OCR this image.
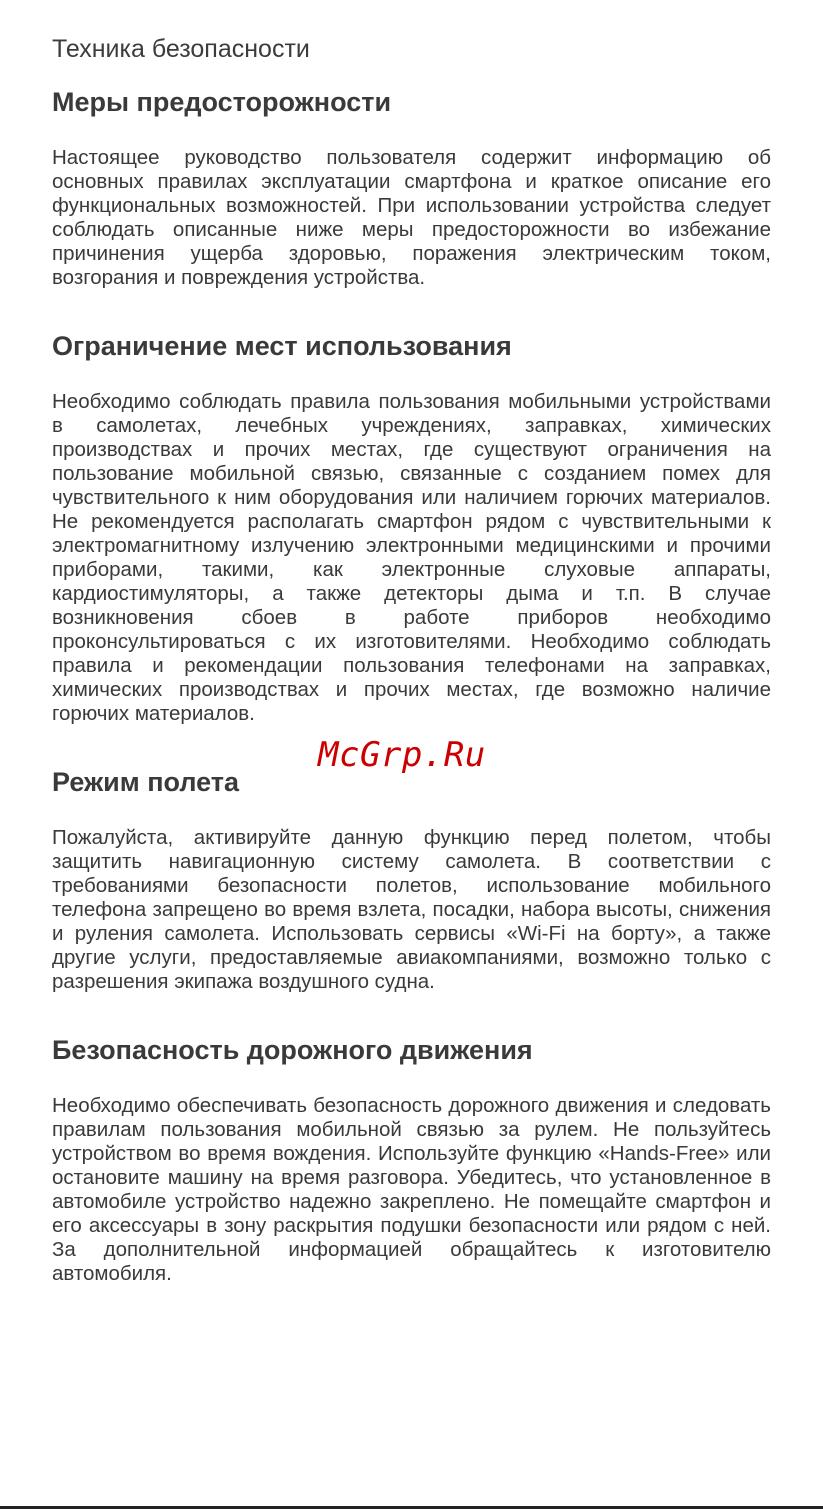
Техника безопасности
Меры предосторожности

Настоящее руководство пользователя содержит информацию об основных правилах эксплуатации смартфона и краткое описание его функциональных возможностей. При использовании устройства следует соблюдать описанные ниже меры предосторожности во избежание причинения ущерба здоровью, поражения электрическим током, возгорания и повреждения устройства.

Ограничение мест использования

Необходимо соблюдать правила пользования мобильными устройствами в самолетах, лечебных учреждениях, заправках, химических производствах и прочих местах, где существуют ограничения на пользование мобильной связью, связанные с созданием помех для чувствительного к ним оборудования или наличием горючих материалов. Не рекомендуется располагать смартфон рядом с чувствительными к электромагнитному излучению электронными медицинскими и прочими приборами, такими, как электронные слуховые аппараты, кардиостимуляторы, а также детекторы дыма и т.п. В случае возникновения сбоев в работе приборов необходимо проконсультироваться с их изготовителями. Необходимо соблюдать правила и рекомендации пользования телефонами на заправках, химических производствах и прочих местах, где возможно наличие горючих материалов.

Режим полета

Пожалуйста, активируйте данную функцию перед полетом, чтобы защитить навигационную систему самолета. В соответствии с требованиями безопасности полетов, использование мобильного телефона запрещено во время взлета, посадки, набора высоты, снижения и руления самолета. Использовать сервисы «Wi-Fi на борту», а также другие услуги, предоставляемые авиакомпаниями, возможно только с разрешения экипажа воздушного судна.

Безопасность дорожного движения

Необходимо обеспечивать безопасность дорожного движения и следовать правилам пользования мобильной связью за рулем. Не пользуйтесь устройством во время вождения. Используйте функцию «Hands-Free» или остановите машину на время разговора. Убедитесь, что установленное в автомобиле устройство надежно закреплено. Не помещайте смартфон и его аксессуары в зону раскрытия подушки безопасности или рядом с ней. За дополнительной информацией обращайтесь к изготовителю автомобиля.

McGrp.Ru
